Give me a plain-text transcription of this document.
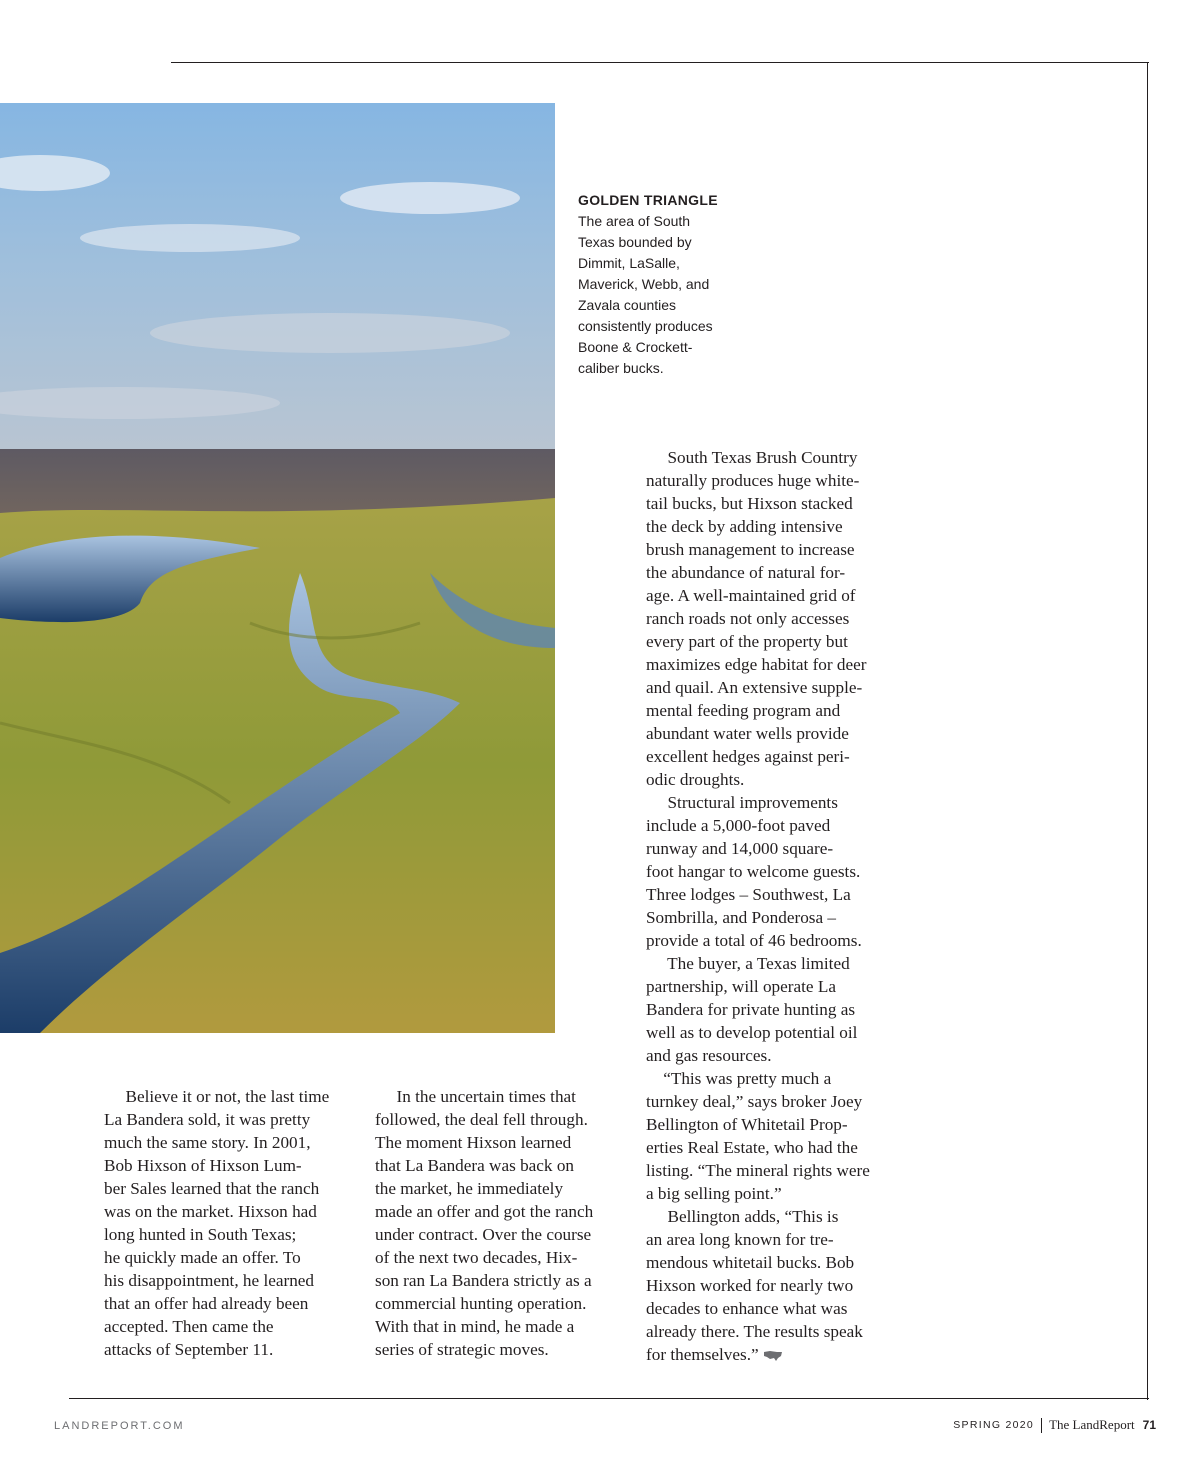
GOLDEN TRIANGLE

The area of South
Texas bounded by
Dimmit, LaSalle,
Maverick, Webb, and
Zavala counties
consistently produces
Boone & Crockett-
caliber bucks.

  Believe it or not, the last time
La Bandera sold, it was pretty
much the same story. In 2001,
Bob Hixson of Hixson Lum-
ber Sales learned that the ranch
was on the market. Hixson had
long hunted in South Texas;
he quickly made an offer. To
his disappointment, he learned
that an offer had already been
accepted. Then came the
attacks of September 11.

  In the uncertain times that
followed, the deal fell through.
The moment Hixson learned
that La Bandera was back on
the market, he immediately
made an offer and got the ranch
under contract. Over the course
of the next two decades, Hix-
son ran La Bandera strictly as a
commercial hunting operation.
With that in mind, he made a
series of strategic moves.

  South Texas Brush Country
naturally produces huge white-
tail bucks, but Hixson stacked
the deck by adding intensive
brush management to increase
the abundance of natural for-
age. A well-maintained grid of
ranch roads not only accesses
every part of the property but
maximizes edge habitat for deer
and quail. An extensive supple-
mental feeding program and
abundant water wells provide
excellent hedges against peri-
odic droughts.

  Structural improvements
include a 5,000-foot paved
runway and 14,000 square-
foot hangar to welcome guests.
Three lodges – Southwest, La
Sombrilla, and Ponderosa –
provide a total of 46 bedrooms.

  The buyer, a Texas limited
partnership, will operate La
Bandera for private hunting as
well as to develop potential oil
and gas resources.

 “This was pretty much a
turnkey deal,” says broker Joey
Bellington of Whitetail Prop-
erties Real Estate, who had the
listing. “The mineral rights were
a big selling point.”

  Bellington adds, “This is
an area long known for tre-
mendous whitetail bucks. Bob
Hixson worked for nearly two
decades to enhance what was
already there. The results speak
for themselves.”

LANDREPORT.COM	SPRING 2020 The LandReport 71
